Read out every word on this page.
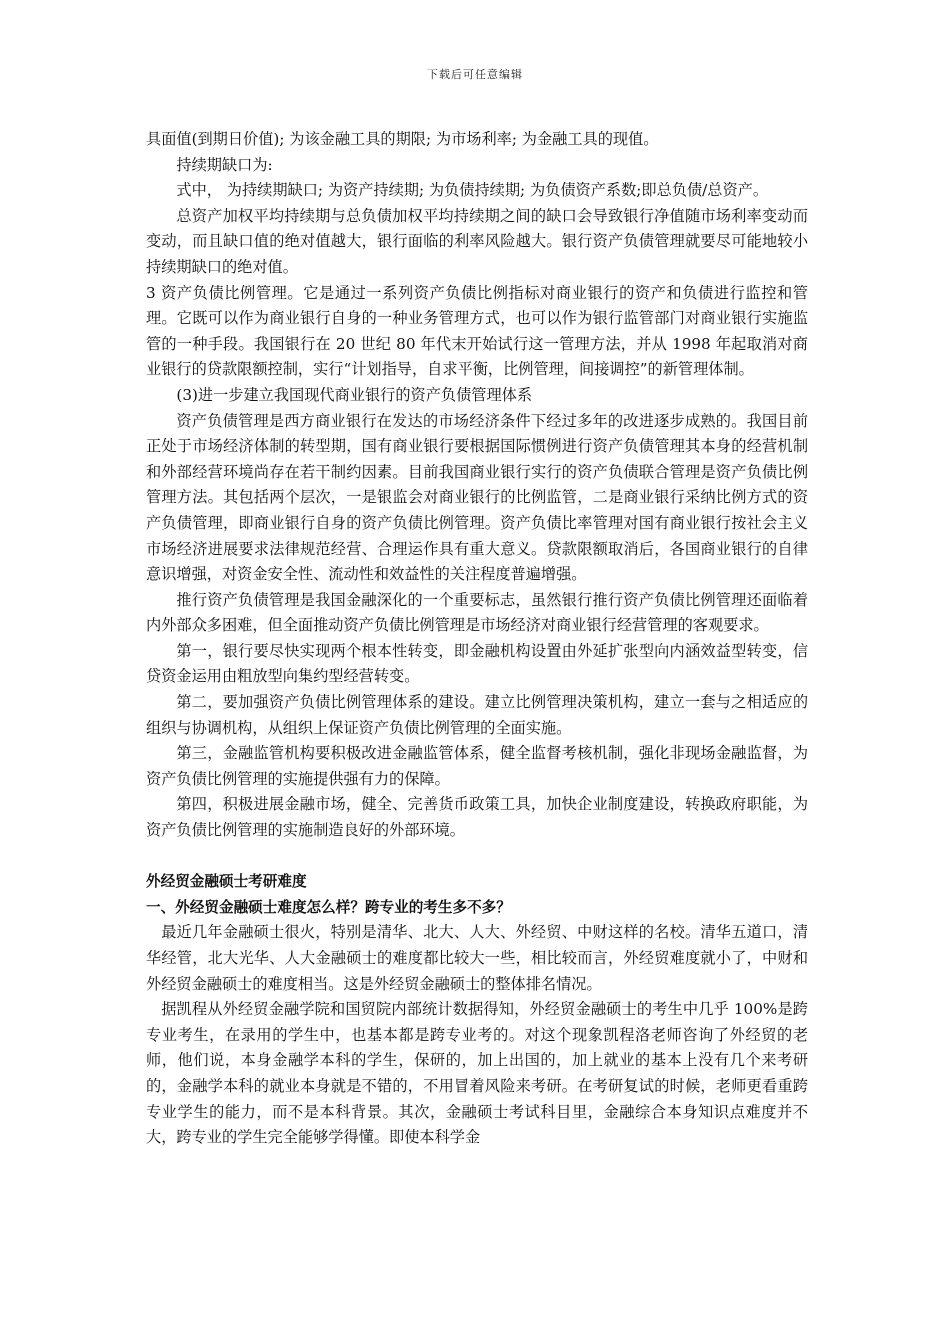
下载后可任意编辑

具面值(到期日价值); 为该金融工具的期限; 为市场利率; 为金融工具的现值。

持续期缺口为:

式中， 为持续期缺口; 为资产持续期; 为负债持续期; 为负债资产系数;即总负债/总资产。

总资产加权平均持续期与总负债加权平均持续期之间的缺口会导致银行净值随市场利率变动而变动，而且缺口值的绝对值越大，银行面临的利率风险越大。银行资产负债管理就要尽可能地较小持续期缺口的绝对值。

3 资产负债比例管理。它是通过一系列资产负债比例指标对商业银行的资产和负债进行监控和管理。它既可以作为商业银行自身的一种业务管理方式，也可以作为银行监管部门对商业银行实施监管的一种手段。我国银行在 20 世纪 80 年代末开始试行这一管理方法，并从 1998 年起取消对商业银行的贷款限额控制，实行“计划指导，自求平衡，比例管理，间接调控”的新管理体制。

(3)进一步建立我国现代商业银行的资产负债管理体系

资产负债管理是西方商业银行在发达的市场经济条件下经过多年的改进逐步成熟的。我国目前正处于市场经济体制的转型期，国有商业银行要根据国际惯例进行资产负债管理其本身的经营机制和外部经营环境尚存在若干制约因素。目前我国商业银行实行的资产负债联合管理是资产负债比例管理方法。其包括两个层次，一是银监会对商业银行的比例监管，二是商业银行采纳比例方式的资产负债管理，即商业银行自身的资产负债比例管理。资产负债比率管理对国有商业银行按社会主义市场经济进展要求法律规范经营、合理运作具有重大意义。贷款限额取消后，各国商业银行的自律意识增强，对资金安全性、流动性和效益性的关注程度普遍增强。

推行资产负债管理是我国金融深化的一个重要标志，虽然银行推行资产负债比例管理还面临着内外部众多困难，但全面推动资产负债比例管理是市场经济对商业银行经营管理的客观要求。

第一，银行要尽快实现两个根本性转变，即金融机构设置由外延扩张型向内涵效益型转变，信贷资金运用由粗放型向集约型经营转变。

第二，要加强资产负债比例管理体系的建设。建立比例管理决策机构，建立一套与之相适应的组织与协调机构，从组织上保证资产负债比例管理的全面实施。

第三，金融监管机构要积极改进金融监管体系，健全监督考核机制，强化非现场金融监督，为资产负债比例管理的实施提供强有力的保障。

第四，积极进展金融市场，健全、完善货币政策工具，加快企业制度建设，转换政府职能，为资产负债比例管理的实施制造良好的外部环境。

外经贸金融硕士考研难度

一、外经贸金融硕士难度怎么样？跨专业的考生多不多？

最近几年金融硕士很火，特别是清华、北大、人大、外经贸、中财这样的名校。清华五道口，清华经管，北大光华、人大金融硕士的难度都比较大一些，相比较而言，外经贸难度就小了，中财和外经贸金融硕士的难度相当。这是外经贸金融硕士的整体排名情况。

据凯程从外经贸金融学院和国贸院内部统计数据得知，外经贸金融硕士的考生中几乎 100%是跨专业考生，在录用的学生中，也基本都是跨专业考的。对这个现象凯程洛老师咨询了外经贸的老师，他们说，本身金融学本科的学生，保研的，加上出国的，加上就业的基本上没有几个来考研的，金融学本科的就业本身就是不错的，不用冒着风险来考研。在考研复试的时候，老师更看重跨专业学生的能力，而不是本科背景。其次，金融硕士考试科目里，金融综合本身知识点难度并不大，跨专业的学生完全能够学得懂。即使本科学金
